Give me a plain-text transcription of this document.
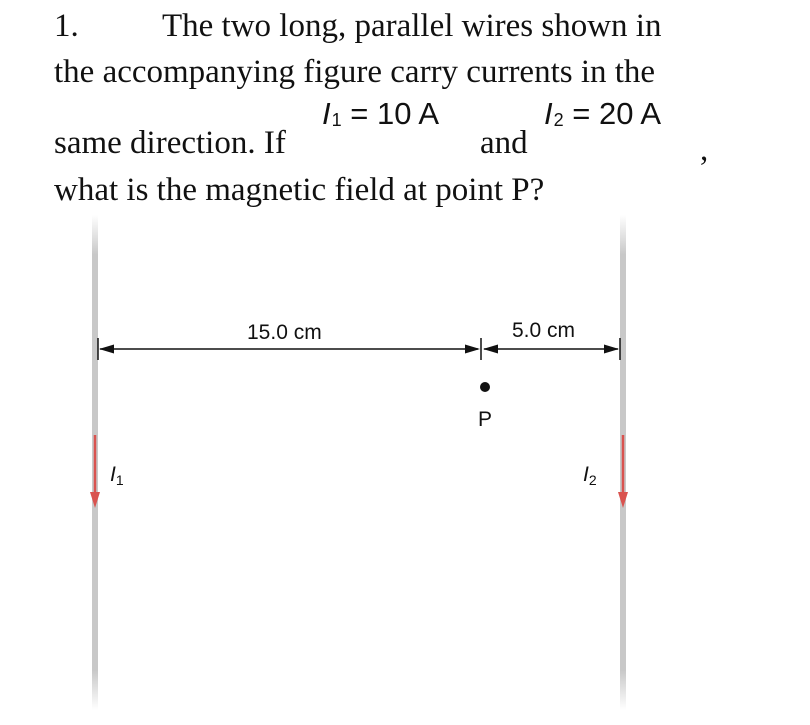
1.	The two long, parallel wires shown in
the accompanying figure carry currents in the
same direction. If
$I_1 = 10$ A
and
$I_2 = 20$ A
,
what is the magnetic field at point P?
15.0 cm	5.0 cm
P
I1	I2
